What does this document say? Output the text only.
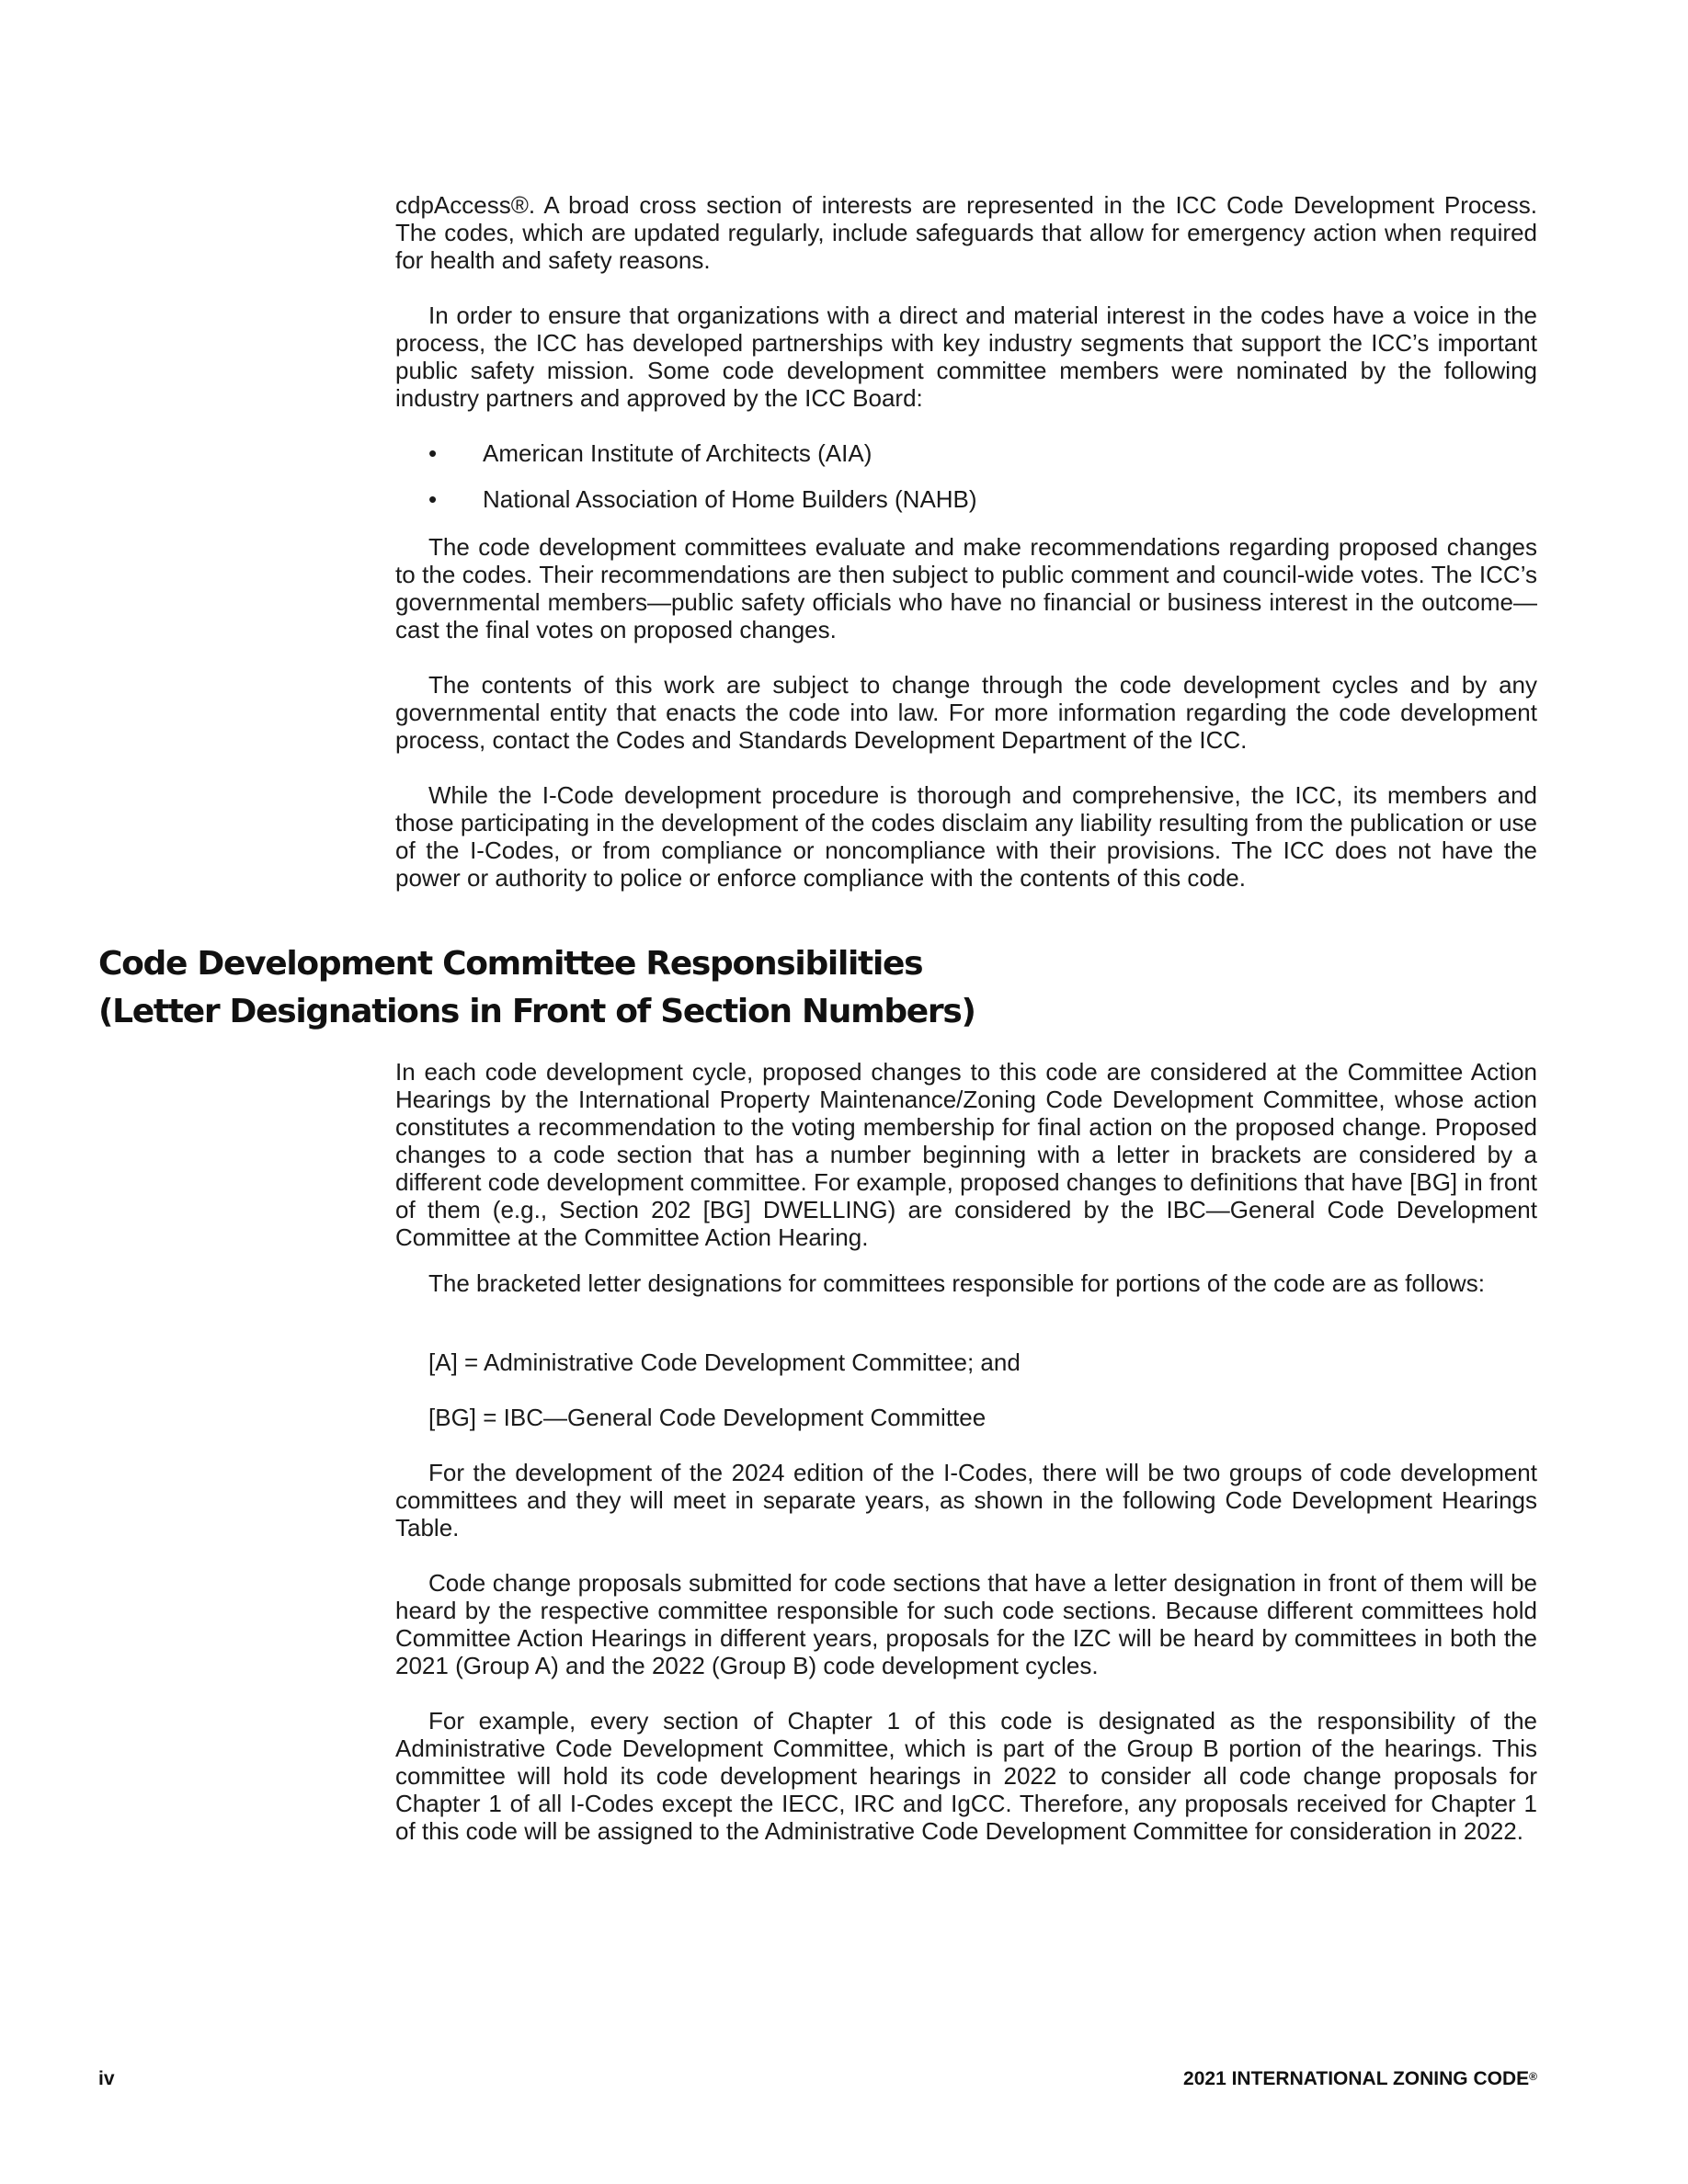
cdpAccess®. A broad cross section of interests are represented in the ICC Code Development Process. The codes, which are updated regularly, include safeguards that allow for emergency action when required for health and safety reasons.

In order to ensure that organizations with a direct and material interest in the codes have a voice in the process, the ICC has developed partnerships with key industry segments that support the ICC’s important public safety mission. Some code development committee members were nominated by the following industry partners and approved by the ICC Board:

• American Institute of Architects (AIA)
• National Association of Home Builders (NAHB)

The code development committees evaluate and make recommendations regarding proposed changes to the codes. Their recommendations are then subject to public comment and council-wide votes. The ICC’s governmental members—public safety officials who have no financial or business interest in the outcome—cast the final votes on proposed changes.

The contents of this work are subject to change through the code development cycles and by any governmental entity that enacts the code into law. For more information regarding the code development process, contact the Codes and Standards Development Department of the ICC.

While the I-Code development procedure is thorough and comprehensive, the ICC, its members and those participating in the development of the codes disclaim any liability resulting from the publication or use of the I-Codes, or from compliance or noncompliance with their provisions. The ICC does not have the power or authority to police or enforce compliance with the contents of this code.

Code Development Committee Responsibilities
(Letter Designations in Front of Section Numbers)

In each code development cycle, proposed changes to this code are considered at the Committee Action Hearings by the International Property Maintenance/Zoning Code Development Committee, whose action constitutes a recommendation to the voting membership for final action on the proposed change. Proposed changes to a code section that has a number beginning with a letter in brackets are considered by a different code development committee. For example, proposed changes to definitions that have [BG] in front of them (e.g., Section 202 [BG] DWELLING) are considered by the IBC—General Code Development Committee at the Committee Action Hearing.

The bracketed letter designations for committees responsible for portions of the code are as follows:

[A] = Administrative Code Development Committee; and

[BG] = IBC—General Code Development Committee

For the development of the 2024 edition of the I-Codes, there will be two groups of code development committees and they will meet in separate years, as shown in the following Code Development Hearings Table.

Code change proposals submitted for code sections that have a letter designation in front of them will be heard by the respective committee responsible for such code sections. Because different committees hold Committee Action Hearings in different years, proposals for the IZC will be heard by committees in both the 2021 (Group A) and the 2022 (Group B) code development cycles.

For example, every section of Chapter 1 of this code is designated as the responsibility of the Administrative Code Development Committee, which is part of the Group B portion of the hearings. This committee will hold its code development hearings in 2022 to consider all code change proposals for Chapter 1 of all I-Codes except the IECC, IRC and IgCC. Therefore, any proposals received for Chapter 1 of this code will be assigned to the Administrative Code Development Committee for consideration in 2022.

iv	2021 INTERNATIONAL ZONING CODE®
